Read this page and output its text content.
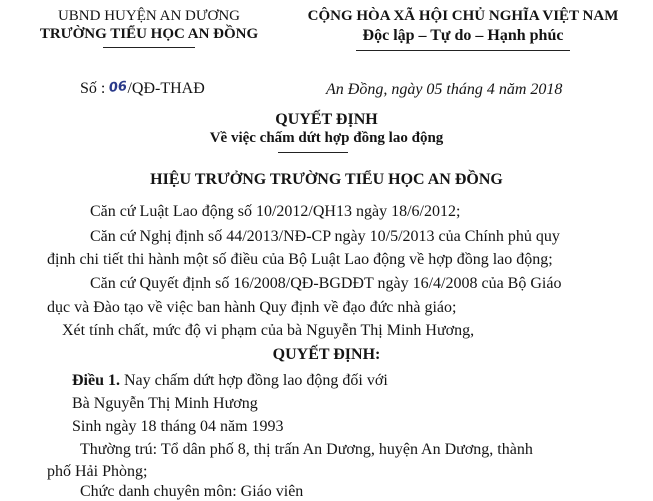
UBND HUYỆN AN DƯƠNG
TRƯỜNG TIỂU HỌC AN ĐỒNG
CỘNG HÒA XÃ HỘI CHỦ NGHĨA VIỆT NAM
Độc lập – Tự do – Hạnh phúc
Số : 06/QĐ-THAĐ	An Đồng, ngày 05 tháng 4 năm 2018
QUYẾT ĐỊNH
Về việc chấm dứt hợp đồng lao động
HIỆU TRƯỞNG TRƯỜNG TIỂU HỌC AN ĐỒNG
Căn cứ Luật Lao động số 10/2012/QH13 ngày 18/6/2012;
Căn cứ Nghị định số 44/2013/NĐ-CP ngày 10/5/2013 của Chính phủ quy
định chi tiết thi hành một số điều của Bộ Luật Lao động về hợp đồng lao động;
Căn cứ Quyết định số 16/2008/QĐ-BGDĐT ngày 16/4/2008 của Bộ Giáo
dục và Đào tạo về việc ban hành Quy định về đạo đức nhà giáo;
Xét tính chất, mức độ vi phạm của bà Nguyễn Thị Minh Hương,
QUYẾT ĐỊNH:
Điều 1. Nay chấm dứt hợp đồng lao động đối với
Bà Nguyễn Thị Minh Hương
Sinh ngày 18 tháng 04 năm 1993
Thường trú: Tổ dân phố 8, thị trấn An Dương, huyện An Dương, thành
phố Hải Phòng;
Chức danh chuyên môn: Giáo viên
